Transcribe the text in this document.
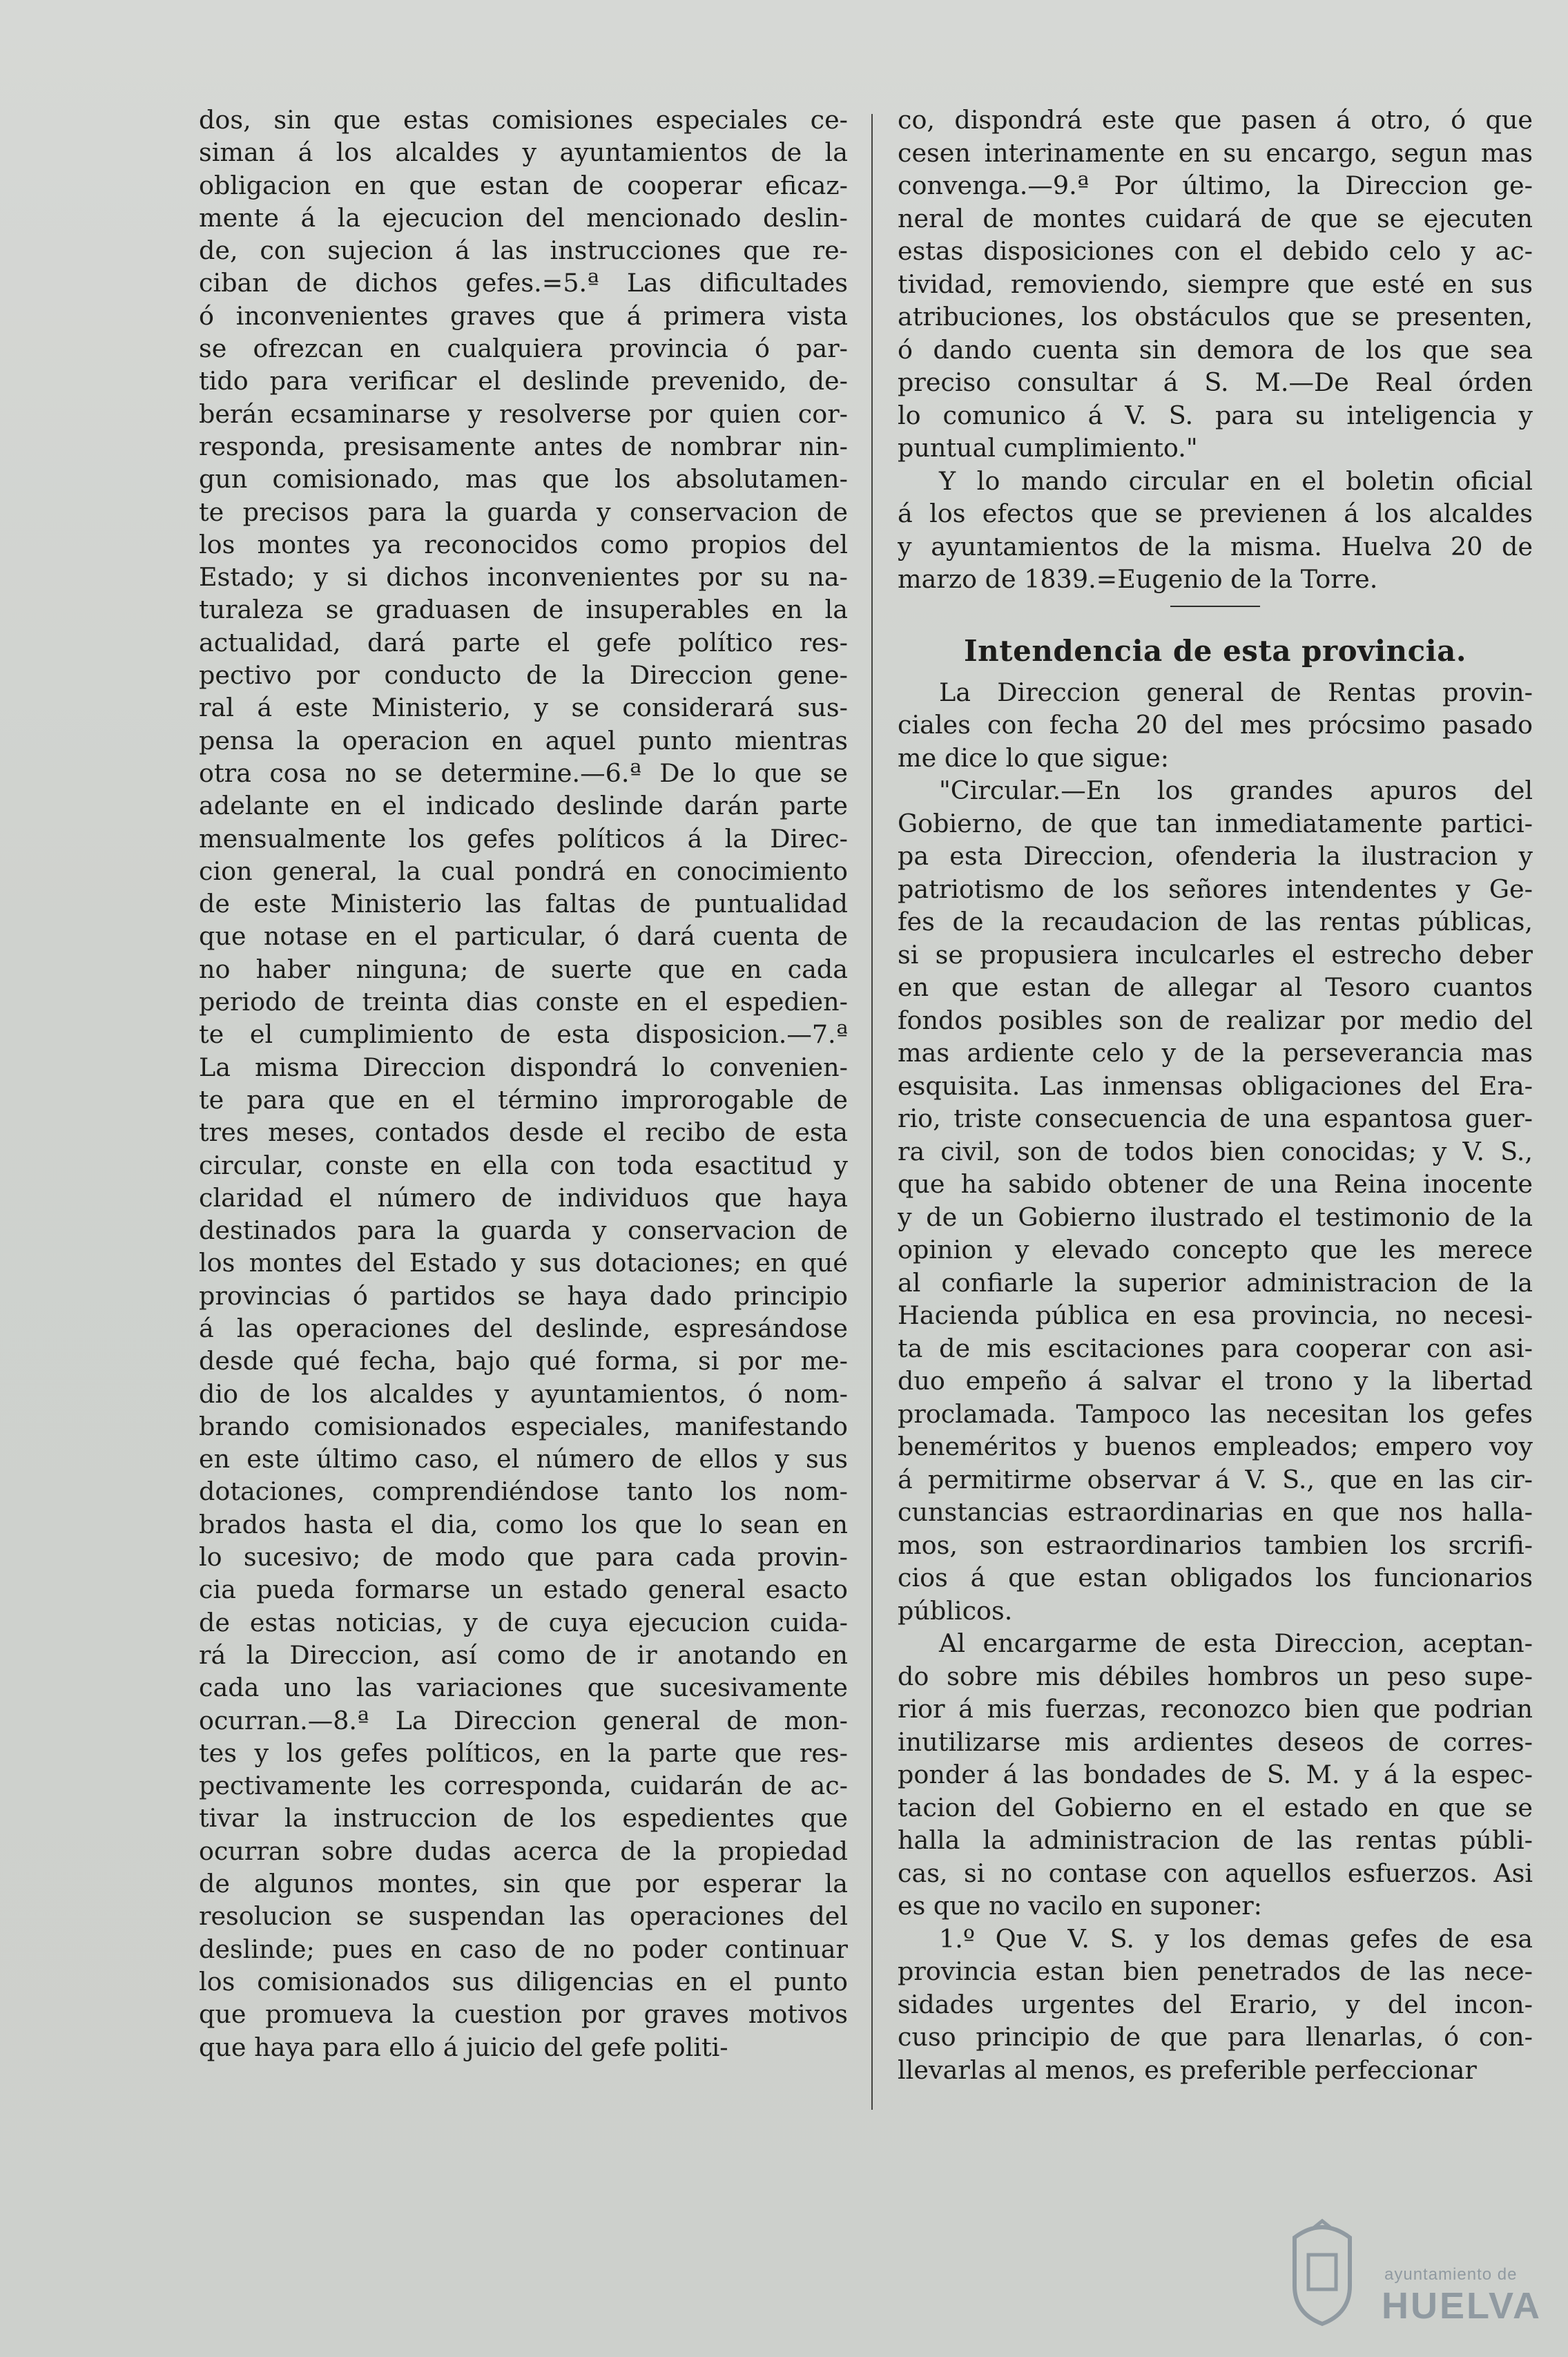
dos, sin que estas comisiones especiales ce-

siman á los alcaldes y ayuntamientos de la

obligacion en que estan de cooperar eficaz-

mente á la ejecucion del mencionado deslin-

de, con sujecion á las instrucciones que re-

ciban de dichos gefes.=5.ª Las dificultades

ó inconvenientes graves que á primera vista

se ofrezcan en cualquiera provincia ó par-

tido para verificar el deslinde prevenido, de-

berán ecsaminarse y resolverse por quien cor-

responda, presisamente antes de nombrar nin-

gun comisionado, mas que los absolutamen-

te precisos para la guarda y conservacion de

los montes ya reconocidos como propios del

Estado; y si dichos inconvenientes por su na-

turaleza se graduasen de insuperables en la

actualidad, dará parte el gefe político res-

pectivo por conducto de la Direccion gene-

ral á este Ministerio, y se considerará sus-

pensa la operacion en aquel punto mientras

otra cosa no se determine.—6.ª De lo que se

adelante en el indicado deslinde darán parte

mensualmente los gefes políticos á la Direc-

cion general, la cual pondrá en conocimiento

de este Ministerio las faltas de puntualidad

que notase en el particular, ó dará cuenta de

no haber ninguna; de suerte que en cada

periodo de treinta dias conste en el espedien-

te el cumplimiento de esta disposicion.—7.ª

La misma Direccion dispondrá lo convenien-

te para que en el término improrogable de

tres meses, contados desde el recibo de esta

circular, conste en ella con toda esactitud y

claridad el número de individuos que haya

destinados para la guarda y conservacion de

los montes del Estado y sus dotaciones; en qué

provincias ó partidos se haya dado principio

á las operaciones del deslinde, espresándose

desde qué fecha, bajo qué forma, si por me-

dio de los alcaldes y ayuntamientos, ó nom-

brando comisionados especiales, manifestando

en este último caso, el número de ellos y sus

dotaciones, comprendiéndose tanto los nom-

brados hasta el dia, como los que lo sean en

lo sucesivo; de modo que para cada provin-

cia pueda formarse un estado general esacto

de estas noticias, y de cuya ejecucion cuida-

rá la Direccion, así como de ir anotando en

cada uno las variaciones que sucesivamente

ocurran.—8.ª La Direccion general de mon-

tes y los gefes políticos, en la parte que res-

pectivamente les corresponda, cuidarán de ac-

tivar la instruccion de los espedientes que

ocurran sobre dudas acerca de la propiedad

de algunos montes, sin que por esperar la

resolucion se suspendan las operaciones del

deslinde; pues en caso de no poder continuar

los comisionados sus diligencias en el punto

que promueva la cuestion por graves motivos

que haya para ello á juicio del gefe politi-

co, dispondrá este que pasen á otro, ó que

cesen interinamente en su encargo, segun mas

convenga.—9.ª Por último, la Direccion ge-

neral de montes cuidará de que se ejecuten

estas disposiciones con el debido celo y ac-

tividad, removiendo, siempre que esté en sus

atribuciones, los obstáculos que se presenten,

ó dando cuenta sin demora de los que sea

preciso consultar á S. M.—De Real órden

lo comunico á V. S. para su inteligencia y

puntual cumplimiento."

Y lo mando circular en el boletin oficial

á los efectos que se previenen á los alcaldes

y ayuntamientos de la misma. Huelva 20 de

marzo de 1839.=Eugenio de la Torre.

Intendencia de esta provincia.

La Direccion general de Rentas provin-

ciales con fecha 20 del mes prócsimo pasado

me dice lo que sigue:

"Circular.—En los grandes apuros del

Gobierno, de que tan inmediatamente partici-

pa esta Direccion, ofenderia la ilustracion y

patriotismo de los señores intendentes y Ge-

fes de la recaudacion de las rentas públicas,

si se propusiera inculcarles el estrecho deber

en que estan de allegar al Tesoro cuantos

fondos posibles son de realizar por medio del

mas ardiente celo y de la perseverancia mas

esquisita. Las inmensas obligaciones del Era-

rio, triste consecuencia de una espantosa guer-

ra civil, son de todos bien conocidas; y V. S.,

que ha sabido obtener de una Reina inocente

y de un Gobierno ilustrado el testimonio de la

opinion y elevado concepto que les merece

al confiarle la superior administracion de la

Hacienda pública en esa provincia, no necesi-

ta de mis escitaciones para cooperar con asi-

duo empeño á salvar el trono y la libertad

proclamada. Tampoco las necesitan los gefes

beneméritos y buenos empleados; empero voy

á permitirme observar á V. S., que en las cir-

cunstancias estraordinarias en que nos halla-

mos, son estraordinarios tambien los srcrifi-

cios á que estan obligados los funcionarios

públicos.

Al encargarme de esta Direccion, aceptan-

do sobre mis débiles hombros un peso supe-

rior á mis fuerzas, reconozco bien que podrian

inutilizarse mis ardientes deseos de corres-

ponder á las bondades de S. M. y á la espec-

tacion del Gobierno en el estado en que se

halla la administracion de las rentas públi-

cas, si no contase con aquellos esfuerzos. Asi

es que no vacilo en suponer:

1.º Que V. S. y los demas gefes de esa

provincia estan bien penetrados de las nece-

sidades urgentes del Erario, y del incon-

cuso principio de que para llenarlas, ó con-

llevarlas al menos, es preferible perfeccionar

ayuntamiento de
HUELVA
